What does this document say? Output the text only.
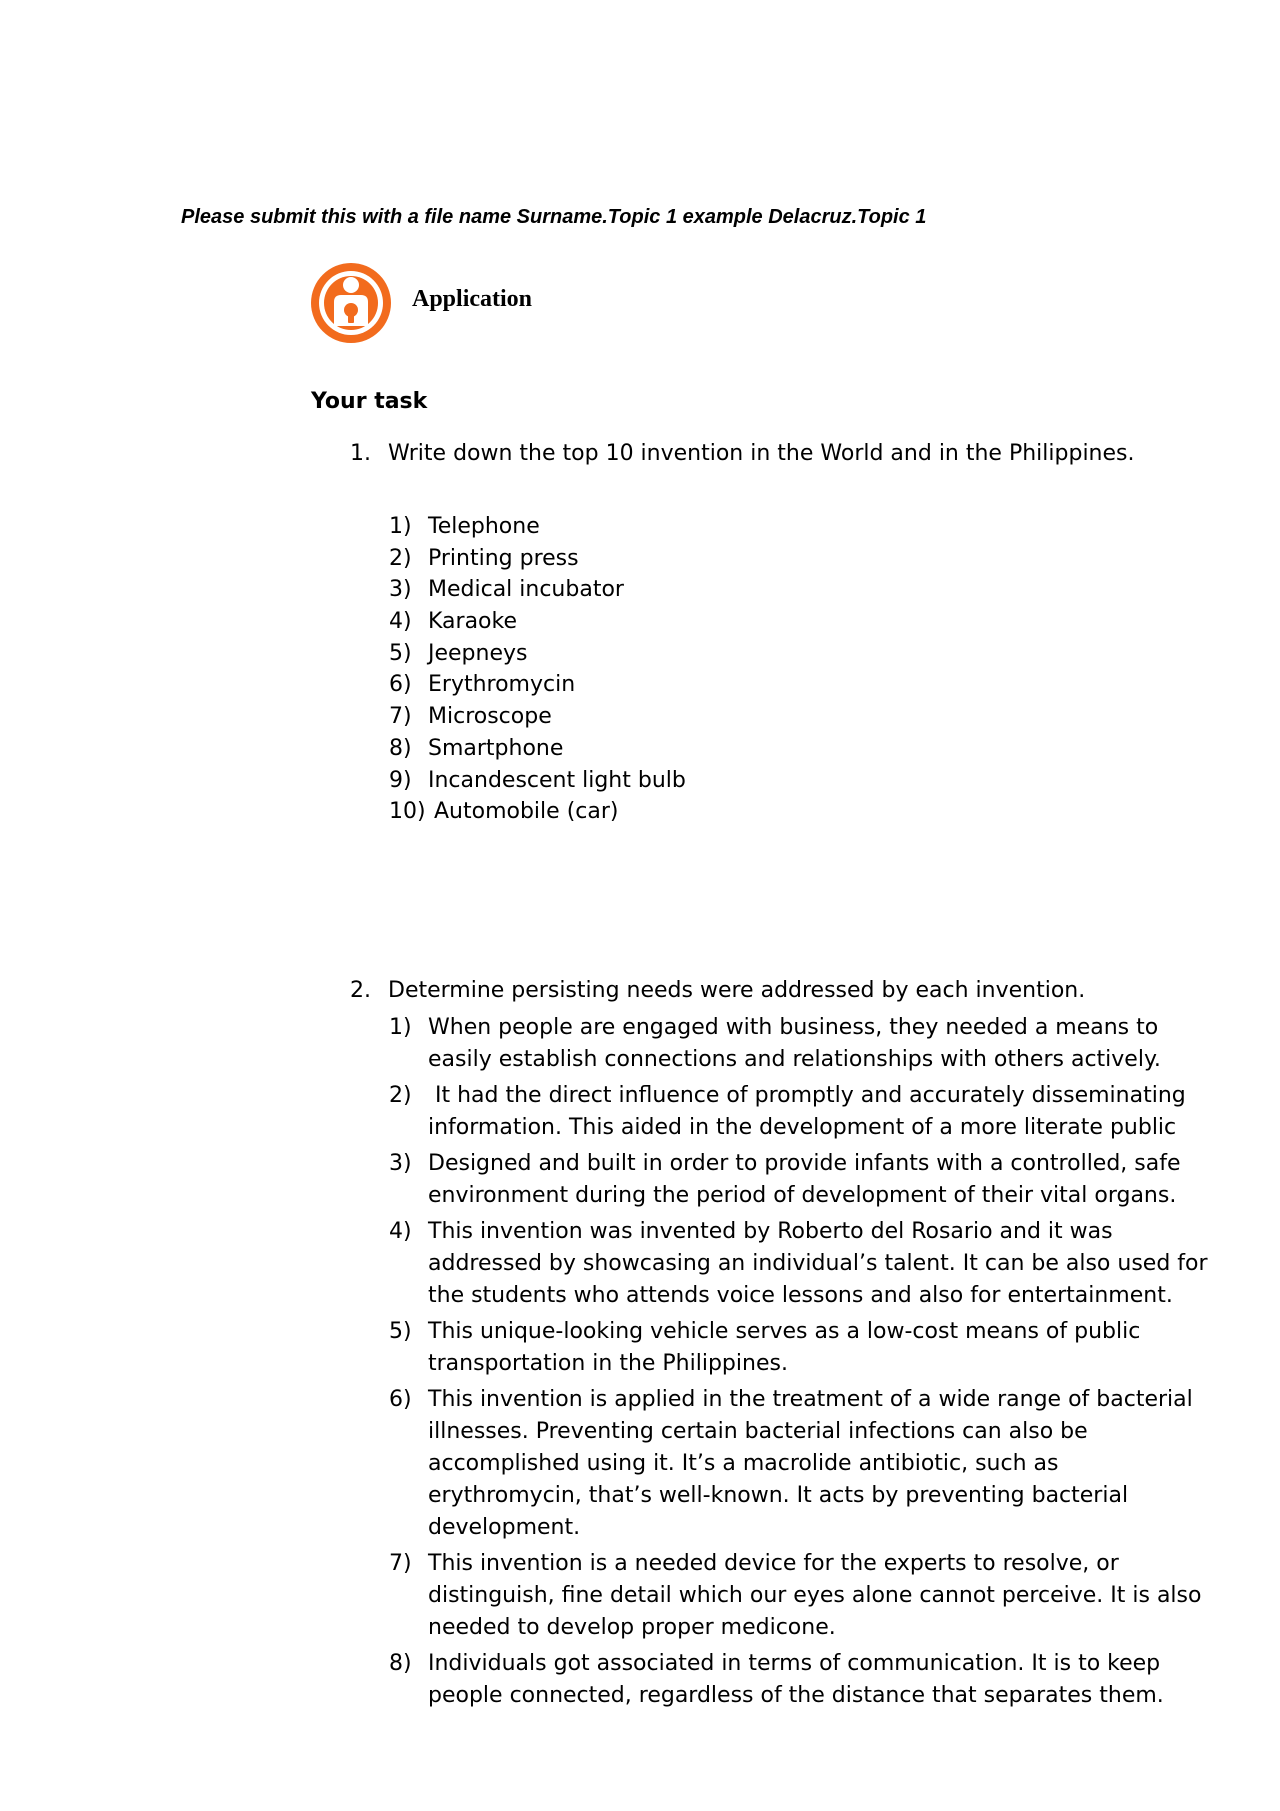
Please submit this with a file name Surname.Topic 1 example Delacruz.Topic 1
Application
Your task
1. Write down the top 10 invention in the World and in the Philippines.
1) Telephone
2) Printing press
3) Medical incubator
4) Karaoke
5) Jeepneys
6) Erythromycin
7) Microscope
8) Smartphone
9) Incandescent light bulb
10) Automobile (car)
2. Determine persisting needs were addressed by each invention.
1) When people are engaged with business, they needed a means to easily establish connections and relationships with others actively.
2) It had the direct influence of promptly and accurately disseminating information. This aided in the development of a more literate public
3) Designed and built in order to provide infants with a controlled, safe environment during the period of development of their vital organs.
4) This invention was invented by Roberto del Rosario and it was addressed by showcasing an individual’s talent. It can be also used for the students who attends voice lessons and also for entertainment.
5) This unique-looking vehicle serves as a low-cost means of public transportation in the Philippines.
6) This invention is applied in the treatment of a wide range of bacterial illnesses. Preventing certain bacterial infections can also be accomplished using it. It’s a macrolide antibiotic, such as erythromycin, that’s well-known. It acts by preventing bacterial development.
7) This invention is a needed device for the experts to resolve, or distinguish, fine detail which our eyes alone cannot perceive. It is also needed to develop proper medicone.
8) Individuals got associated in terms of communication. It is to keep people connected, regardless of the distance that separates them.
